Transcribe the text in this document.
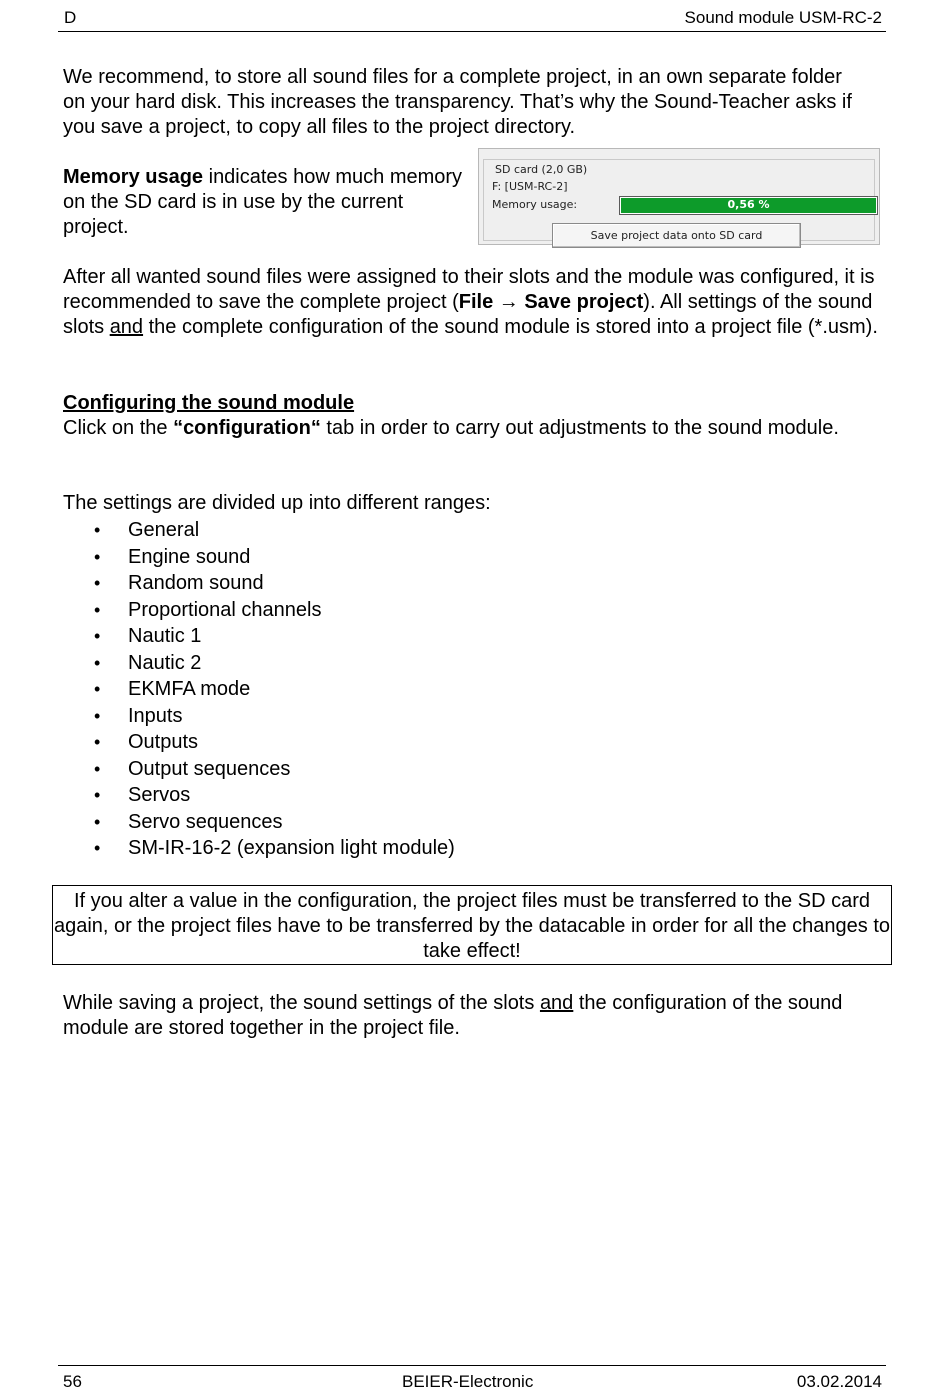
D	Sound module USM-RC-2
We recommend, to store all sound files for a complete project, in an own separate folder on your hard disk. This increases the transparency. That’s why the Sound-Teacher asks if you save a project, to copy all files to the project directory.
Memory usage indicates how much memory on the SD card is in use by the current project.
SD card (2,0 GB)
F: [USM-RC-2]
Memory usage:	0,56 %
Save project data onto SD card
After all wanted sound files were assigned to their slots and the module was configured, it is recommended to save the complete project (File → Save project). All settings of the sound slots and the complete configuration of the sound module is stored into a project file (*.usm).
Configuring the sound module
Click on the “configuration“ tab in order to carry out adjustments to the sound module.
The settings are divided up into different ranges:
• General
• Engine sound
• Random sound
• Proportional channels
• Nautic 1
• Nautic 2
• EKMFA mode
• Inputs
• Outputs
• Output sequences
• Servos
• Servo sequences
• SM-IR-16-2 (expansion light module)
If you alter a value in the configuration, the project files must be transferred to the SD card again, or the project files have to be transferred by the datacable in order for all the changes to take effect!
While saving a project, the sound settings of the slots and the configuration of the sound module are stored together in the project file.
56	BEIER-Electronic	03.02.2014
